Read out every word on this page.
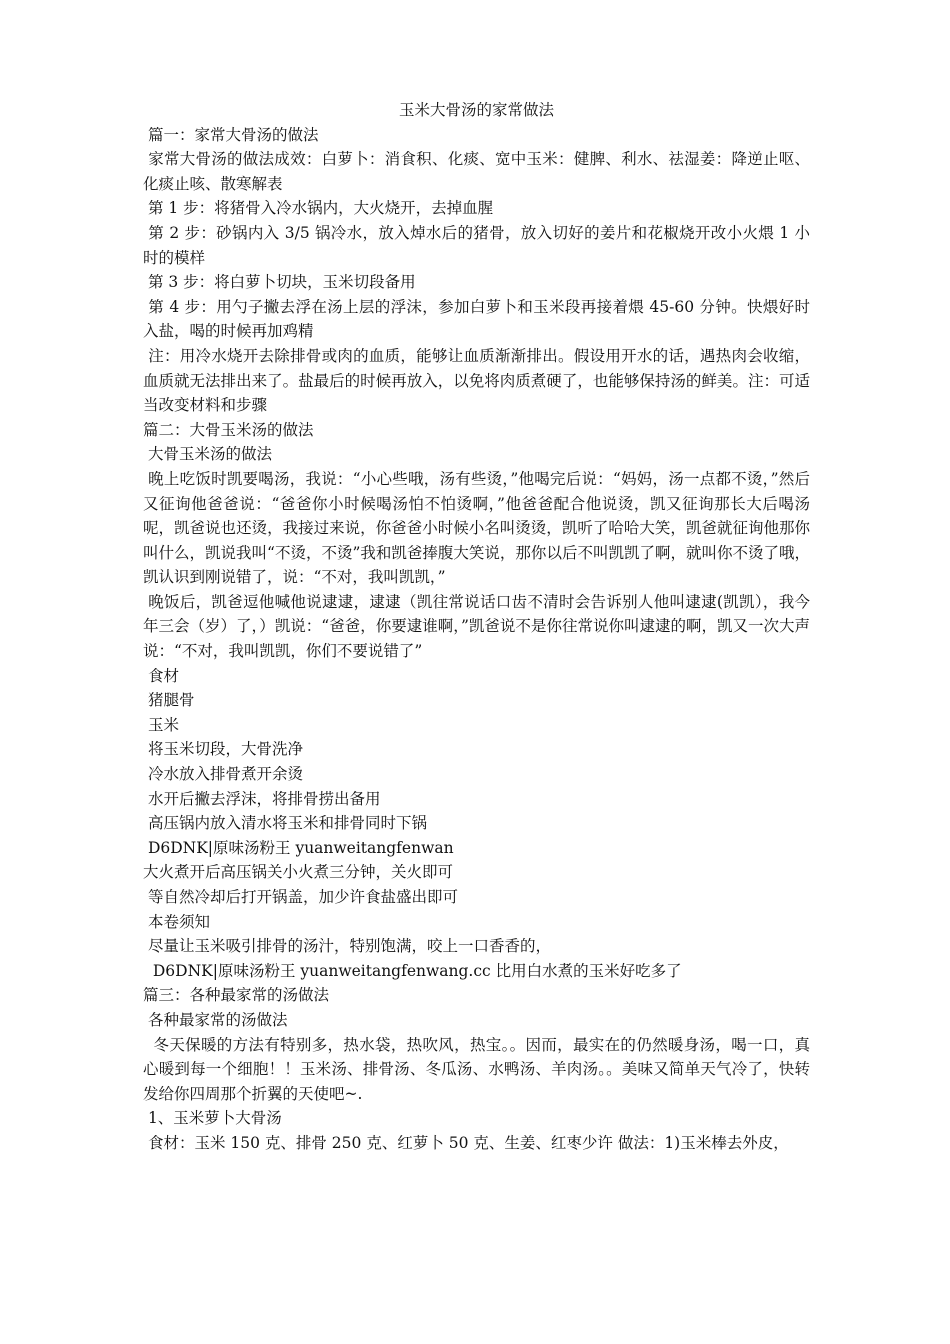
玉米大骨汤的家常做法

篇一：家常大骨汤的做法

家常大骨汤的做法成效：白萝卜：消食积、化痰、宽中玉米：健脾、利水、祛湿姜：降逆止呕、化痰止咳、散寒解表

第 1 步：将猪骨入冷水锅内，大火烧开，去掉血腥

第 2 步：砂锅内入 3/5 锅冷水，放入焯水后的猪骨，放入切好的姜片和花椒烧开改小火煨 1 小时的模样

第 3 步：将白萝卜切块，玉米切段备用

第 4 步：用勺子撇去浮在汤上层的浮沫，参加白萝卜和玉米段再接着煨 45-60 分钟。快煨好时入盐，喝的时候再加鸡精

注：用冷水烧开去除排骨或肉的血质，能够让血质渐渐排出。假设用开水的话，遇热肉会收缩，血质就无法排出来了。盐最后的时候再放入，以免将肉质煮硬了，也能够保持汤的鲜美。注：可适当改变材料和步骤

篇二：大骨玉米汤的做法

大骨玉米汤的做法

晚上吃饭时凯要喝汤，我说：“小心些哦，汤有些烫，”他喝完后说：“妈妈，汤一点都不烫，”然后又征询他爸爸说：“爸爸你小时候喝汤怕不怕烫啊，”他爸爸配合他说烫，凯又征询那长大后喝汤呢，凯爸说也还烫，我接过来说，你爸爸小时候小名叫烫烫，凯听了哈哈大笑，凯爸就征询他那你叫什么，凯说我叫“不烫，不烫”我和凯爸捧腹大笑说，那你以后不叫凯凯了啊，就叫你不烫了哦，凯认识到刚说错了，说：“不对，我叫凯凯，”

晚饭后，凯爸逗他喊他说逮逮，逮逮（凯往常说话口齿不清时会告诉别人他叫逮逮(凯凯），我今年三会（岁）了，）凯说：“爸爸，你要逮谁啊，”凯爸说不是你往常说你叫逮逮的啊，凯又一次大声说：“不对，我叫凯凯，你们不要说错了”

食材

猪腿骨

玉米

将玉米切段，大骨洗净

冷水放入排骨煮开余烫

水开后撇去浮沫，将排骨捞出备用

高压锅内放入清水将玉米和排骨同时下锅

D6DNK|原味汤粉王 yuanweitangfenwan

大火煮开后高压锅关小火煮三分钟，关火即可

等自然冷却后打开锅盖，加少许食盐盛出即可

本卷须知

尽量让玉米吸引排骨的汤汁，特别饱满，咬上一口香香的，

D6DNK|原味汤粉王 yuanweitangfenwang.cc 比用白水煮的玉米好吃多了

篇三：各种最家常的汤做法

各种最家常的汤做法

冬天保暖的方法有特别多，热水袋，热吹风，热宝。。因而，最实在的仍然暖身汤，喝一口，真心暖到每一个细胞！！玉米汤、排骨汤、冬瓜汤、水鸭汤、羊肉汤。。美味又简单天气冷了，快转发给你四周那个折翼的天使吧~.

1、玉米萝卜大骨汤

食材：玉米 150 克、排骨 250 克、红萝卜 50 克、生姜、红枣少许 做法：1)玉米棒去外皮，
